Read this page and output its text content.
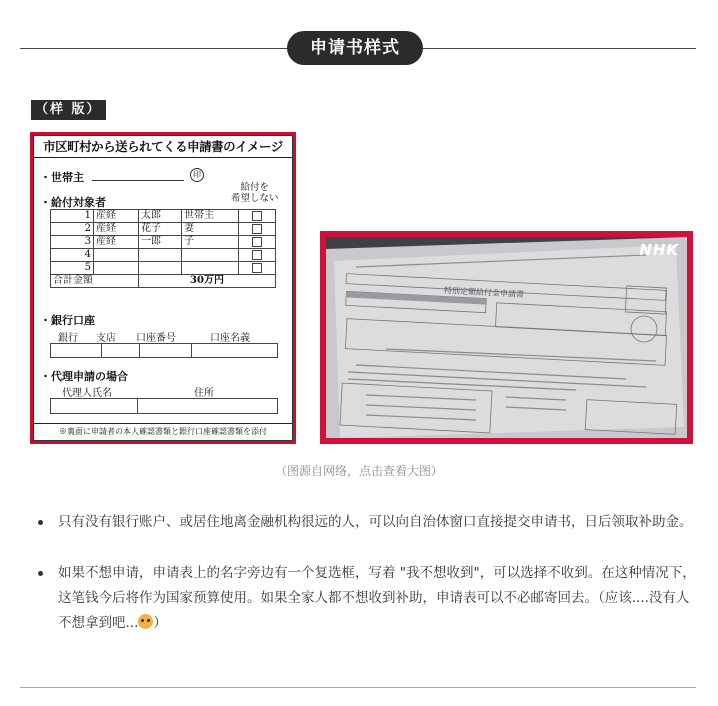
申请书样式
（样 版）
市区町村から送られてくる申請書のイメージ
・世帯主	印
給付を
希望しない
・給付対象者
1	産経	太郎	世帯主	
2	産経	花子	妻	
3	産経	一郎	子	
4				
5				
合計金額		30万円		
・銀行口座
銀行 支店 口座番号	口座名義
・代理申請の場合
代理人氏名	住所
※裏面に申請者の本人確認書類と銀行口座確認書類を添付
NHK
特別定額給付金申請書
（图源自网络，点击查看大图）
只有没有银行账户、或居住地离金融机构很远的人，可以向自治体窗口直接提交申请书，日后领取补助金。
如果不想申请，申请表上的名字旁边有一个复选框，写着 "我不想收到"，可以选择不收到。在这种情况下，这笔钱今后将作为国家预算使用。如果全家人都不想收到补助，申请表可以不必邮寄回去。（应该....没有人不想拿到吧... ）
